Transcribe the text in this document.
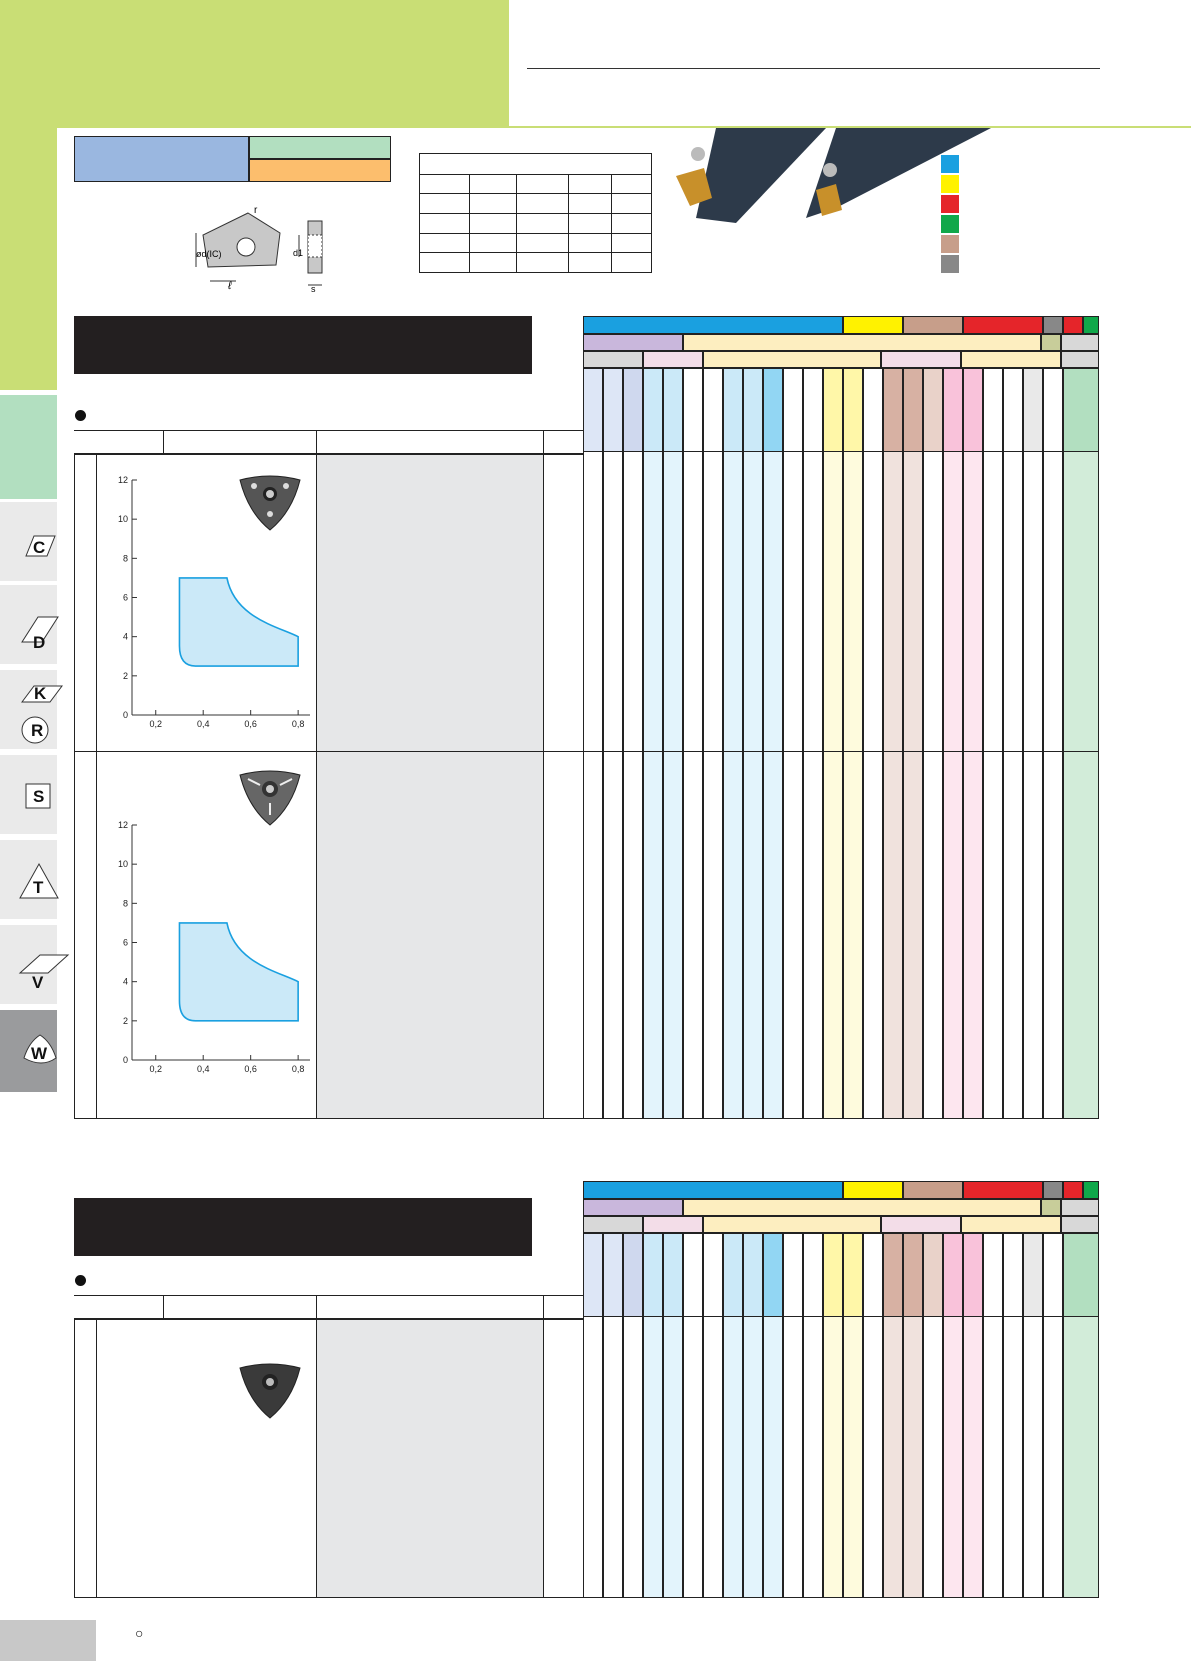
C
D
K
R
S
T
V
W
r
ød(IC)
ℓ
d1
s

0
2
4
6
8
10
12
0,2	0,4	0,6	0,8
0
2
4
6
8
10
12
0,2	0,4	0,6	0,8
○
